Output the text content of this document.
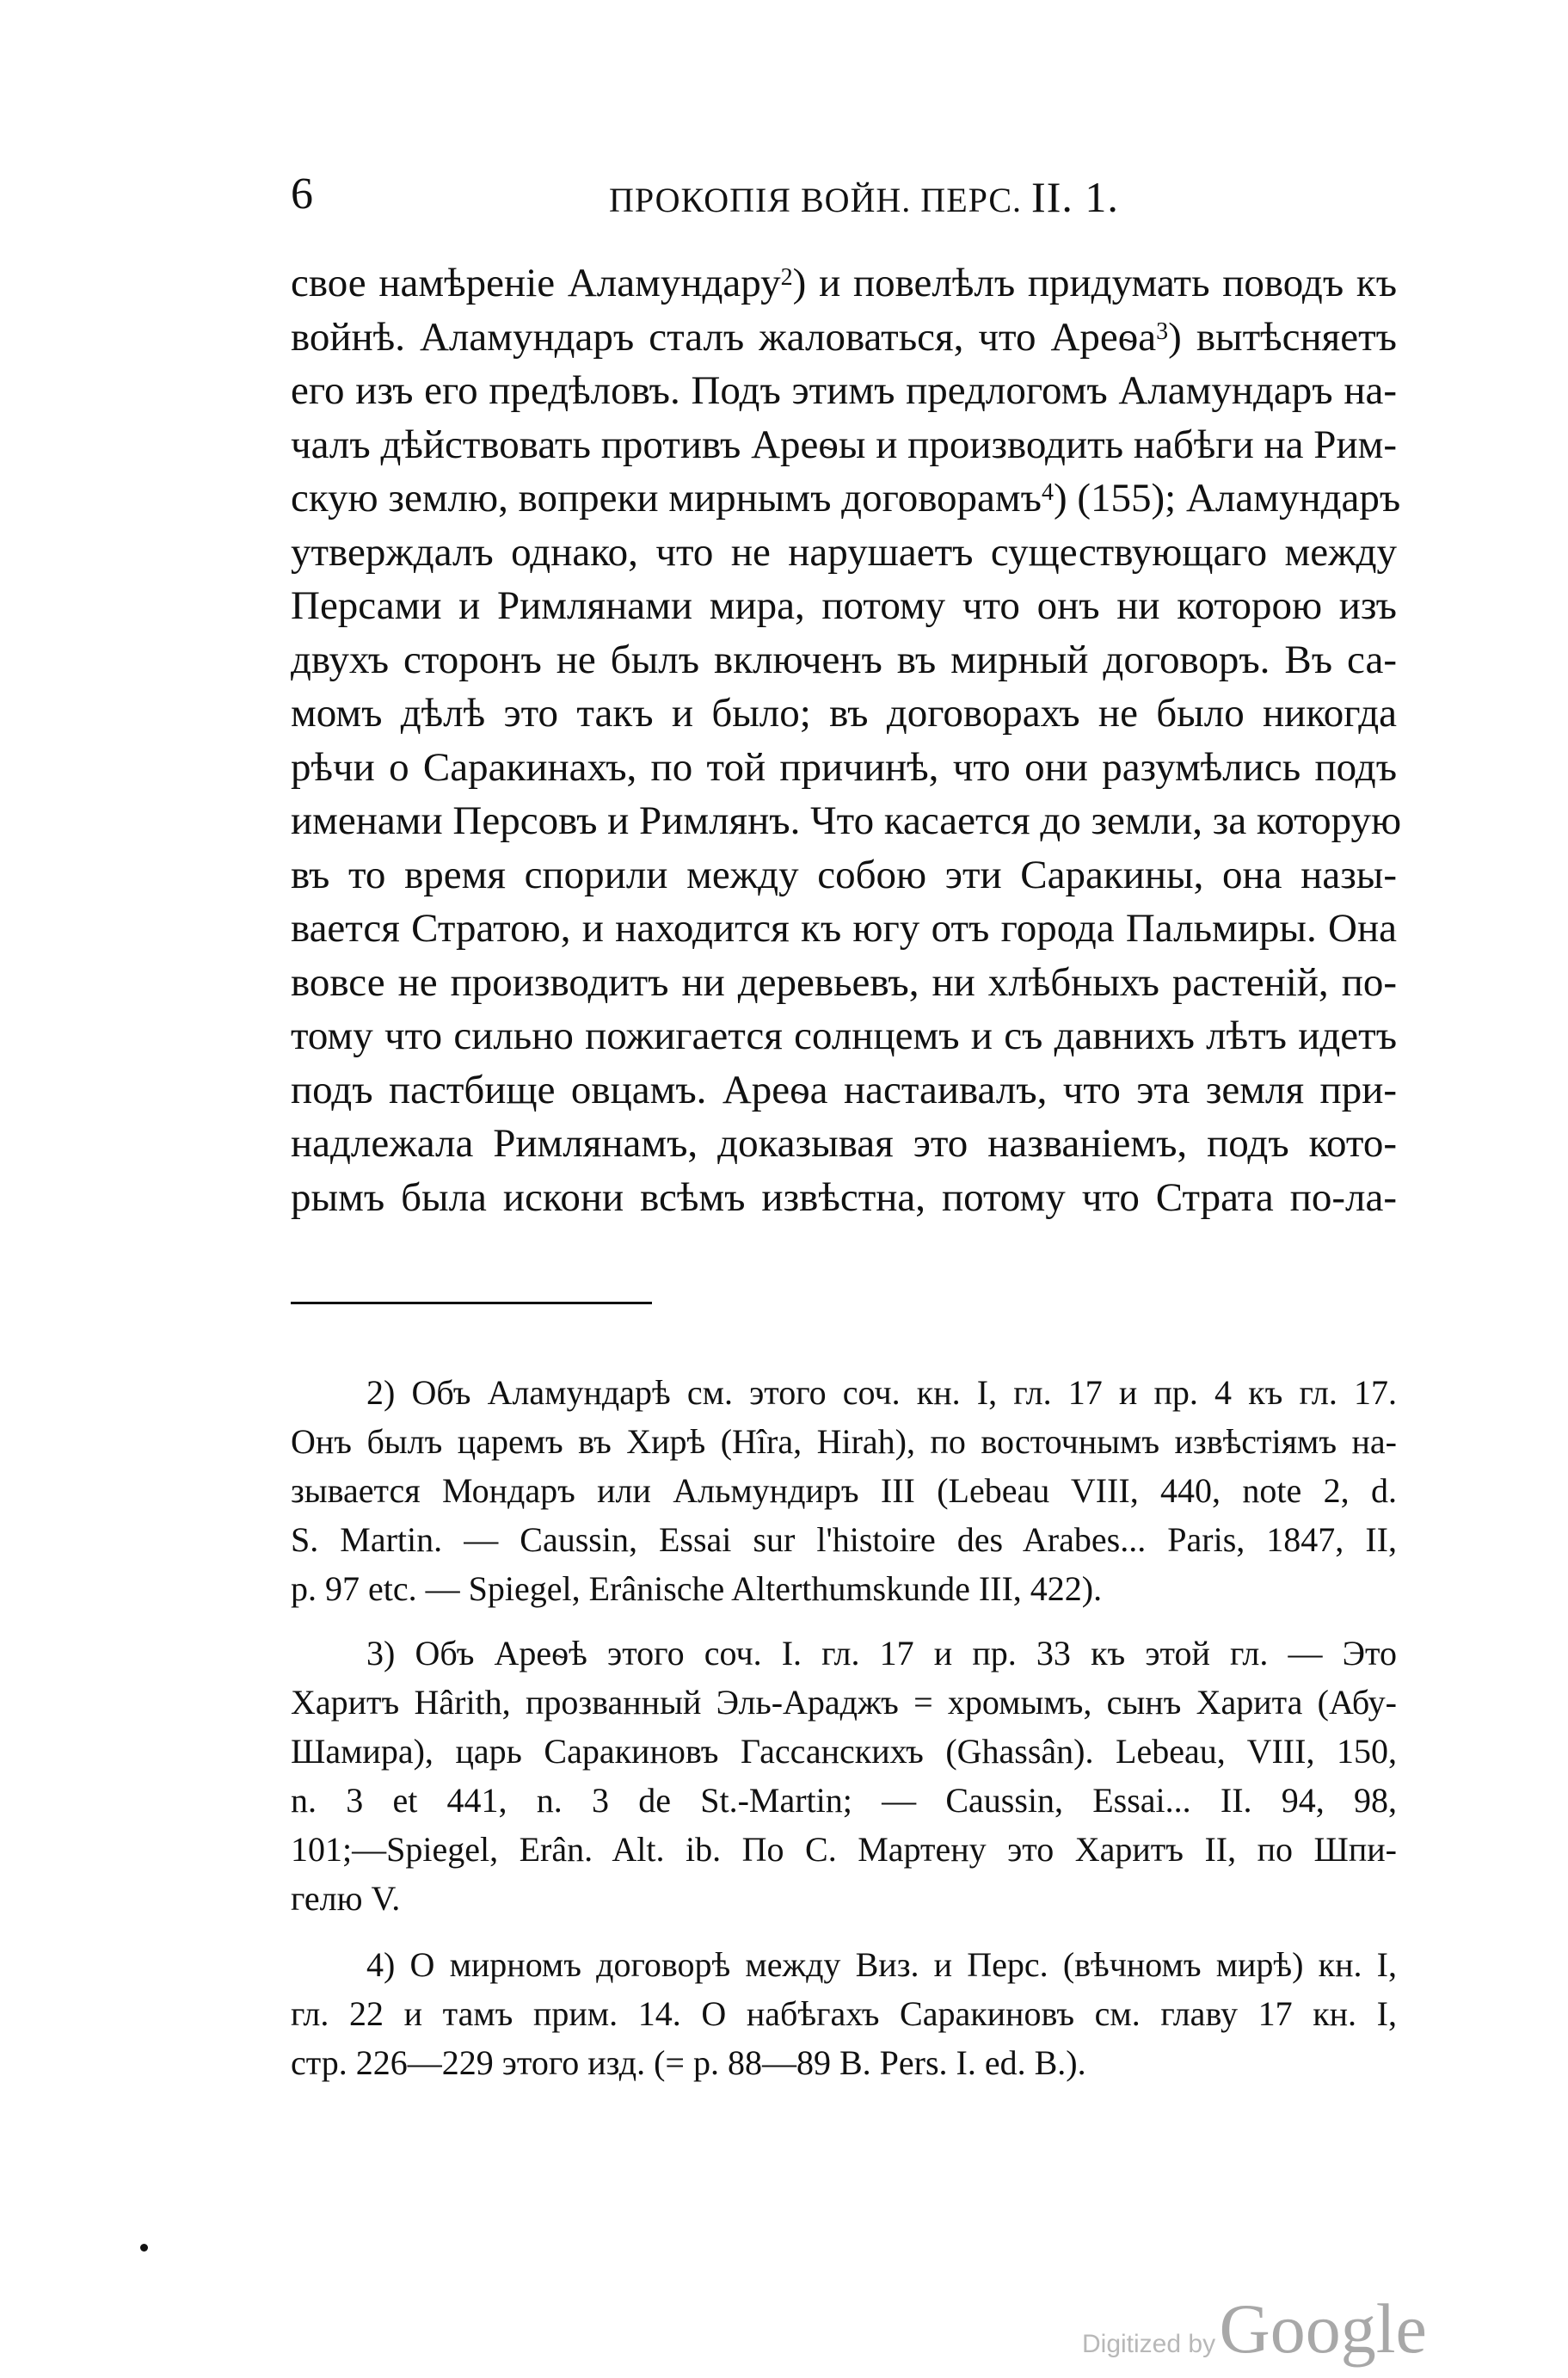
6	ПРОКОПІЯ ВОЙН. ПЕРС. II. 1.
свое намѣреніе Аламундару$^2$) и повелѣлъ придумать поводъ къ
войнѣ. Аламундаръ сталъ жаловаться, что Ареѳа$^3$) вытѣсняетъ
его изъ его предѣловъ. Подъ этимъ предлогомъ Аламундаръ на-
чалъ дѣйствовать противъ Ареѳы и производить набѣги на Рим-
скую землю, вопреки мирнымъ договорамъ$^4$) (155); Аламундаръ
утверждалъ однако, что не нарушаетъ существующаго между
Персами и Римлянами мира, потому что онъ ни которою изъ
двухъ сторонъ не былъ включенъ въ мирный договоръ. Въ са-
момъ дѣлѣ это такъ и было; въ договорахъ не было никогда
рѣчи о Саракинахъ, по той причинѣ, что они разумѣлись подъ
именами Персовъ и Римлянъ. Что касается до земли, за которую
въ то время спорили между собою эти Саракины, она назы-
вается Стратою, и находится къ югу отъ города Пальмиры. Она
вовсе не производитъ ни деревьевъ, ни хлѣбныхъ растеній, по-
тому что сильно пожигается солнцемъ и съ давнихъ лѣтъ идетъ
подъ пастбище овцамъ. Ареѳа настаивалъ, что эта земля при-
надлежала Римлянамъ, доказывая это названіемъ, подъ кото-
рымъ была искони всѣмъ извѣстна, потому что Страта по-ла-
2) Объ Аламундарѣ см. этого соч. кн. I, гл. 17 и пр. 4 къ гл. 17.
Онъ былъ царемъ въ Хирѣ (Hîra, Hirah), по восточнымъ извѣстіямъ на-
зывается Мондаръ или Альмундиръ III (Lebeau VIII, 440, note 2, d.
S. Martin. — Caussin, Essai sur l'histoire des Arabes... Paris, 1847, II,
p. 97 etc. — Spiegel, Erânische Alterthumskunde III, 422).
3) Объ Ареѳѣ этого соч. I. гл. 17 и пр. 33 къ этой гл. — Это
Харитъ Hârith, прозванный Эль-Араджъ = хромымъ, сынъ Харита (Абу-
Шамира), царь Саракиновъ Гассанскихъ (Ghassân). Lebeau, VIII, 150,
n. 3 et 441, n. 3 de St.-Martin; — Caussin, Essai... II. 94, 98,
101;—Spiegel, Erân. Alt. ib. По С. Мартену это Харитъ II, по Шпи-
гелю V.
4) О мирномъ договорѣ между Виз. и Перс. (вѣчномъ мирѣ) кн. I,
гл. 22 и тамъ прим. 14. О набѣгахъ Саракиновъ см. главу 17 кн. I,
стр. 226—229 этого изд. (= р. 88—89 В. Pers. I. ed. B.).
Digitized by Google
